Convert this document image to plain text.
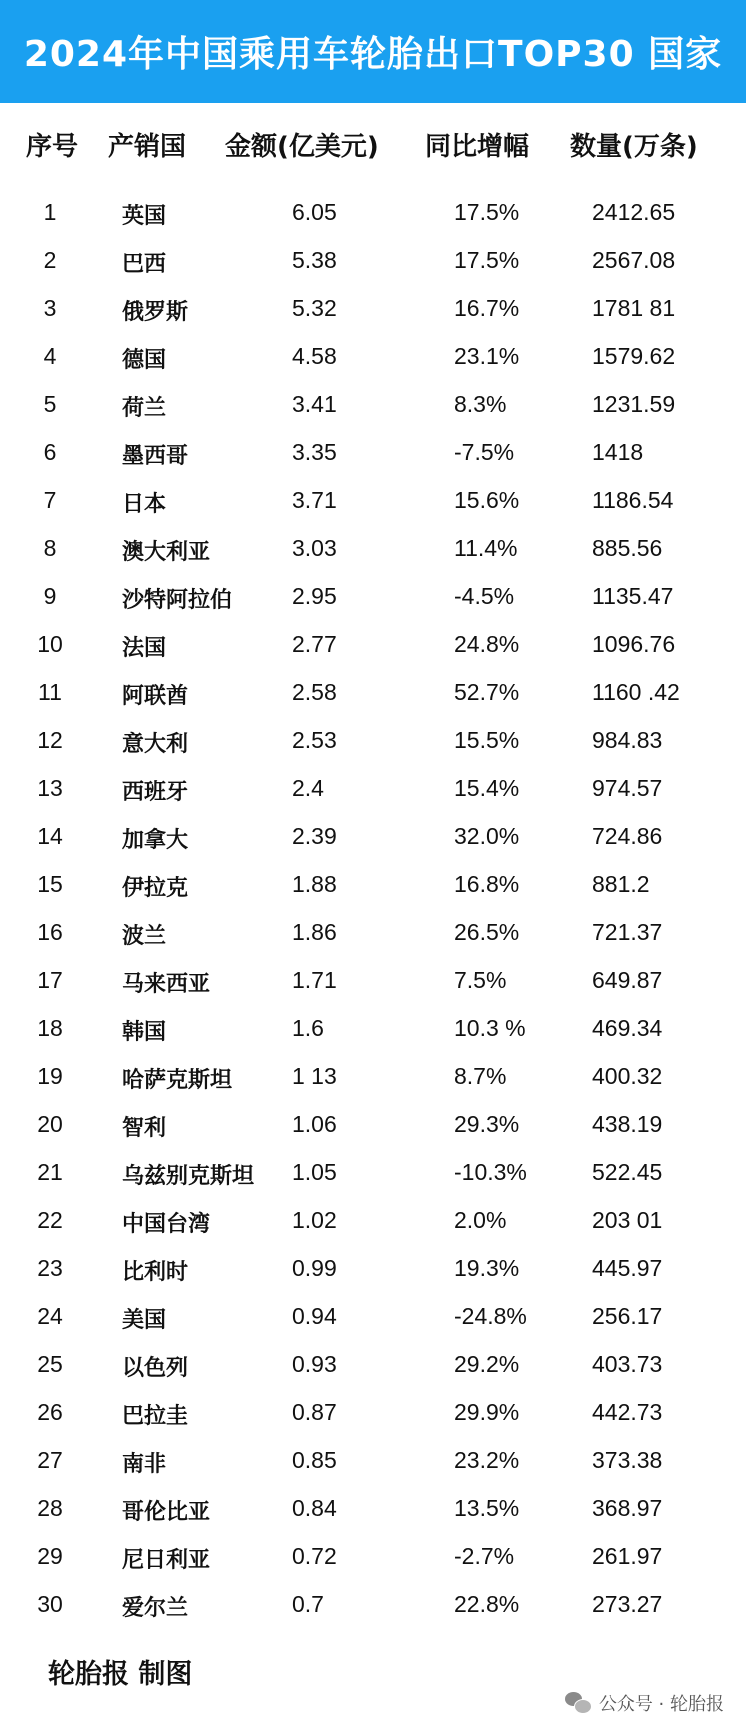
2024年中国乘用车轮胎出口TOP30 国家
序号 产销国 金额(亿美元) 同比增幅 数量(万条)
1	英国	6.05	17.5%	2412.65
2	巴西	5.38	17.5%	2567.08
3	俄罗斯	5.32	16.7%	1781 81
4	德国	4.58	23.1%	1579.62
5	荷兰	3.41	8.3%	1231.59
6	墨西哥	3.35	-7.5%	1418
7	日本	3.71	15.6%	1186.54
8	澳大利亚	3.03	11.4%	885.56
9	沙特阿拉伯	2.95	-4.5%	1135.47
10	法国	2.77	24.8%	1096.76
11	阿联酋	2.58	52.7%	1160 .42
12	意大利	2.53	15.5%	984.83
13	西班牙	2.4	15.4%	974.57
14	加拿大	2.39	32.0%	724.86
15	伊拉克	1.88	16.8%	881.2
16	波兰	1.86	26.5%	721.37
17	马来西亚	1.71	7.5%	649.87
18	韩国	1.6	10.3 %	469.34
19	哈萨克斯坦	1 13	8.7%	400.32
20	智利	1.06	29.3%	438.19
21	乌兹别克斯坦 1.05	-10.3%	522.45
22	中国台湾	1.02	2.0%	203 01
23	比利时	0.99	19.3%	445.97
24	美国	0.94	-24.8%	256.17
25	以色列	0.93	29.2%	403.73
26	巴拉圭	0.87	29.9%	442.73
27	南非	0.85	23.2%	373.38
28	哥伦比亚	0.84	13.5%	368.97
29	尼日利亚	0.72	-2.7%	261.97
30	爱尔兰	0.7	22.8%	273.27
轮胎报 制图
公众号 · 轮胎报
